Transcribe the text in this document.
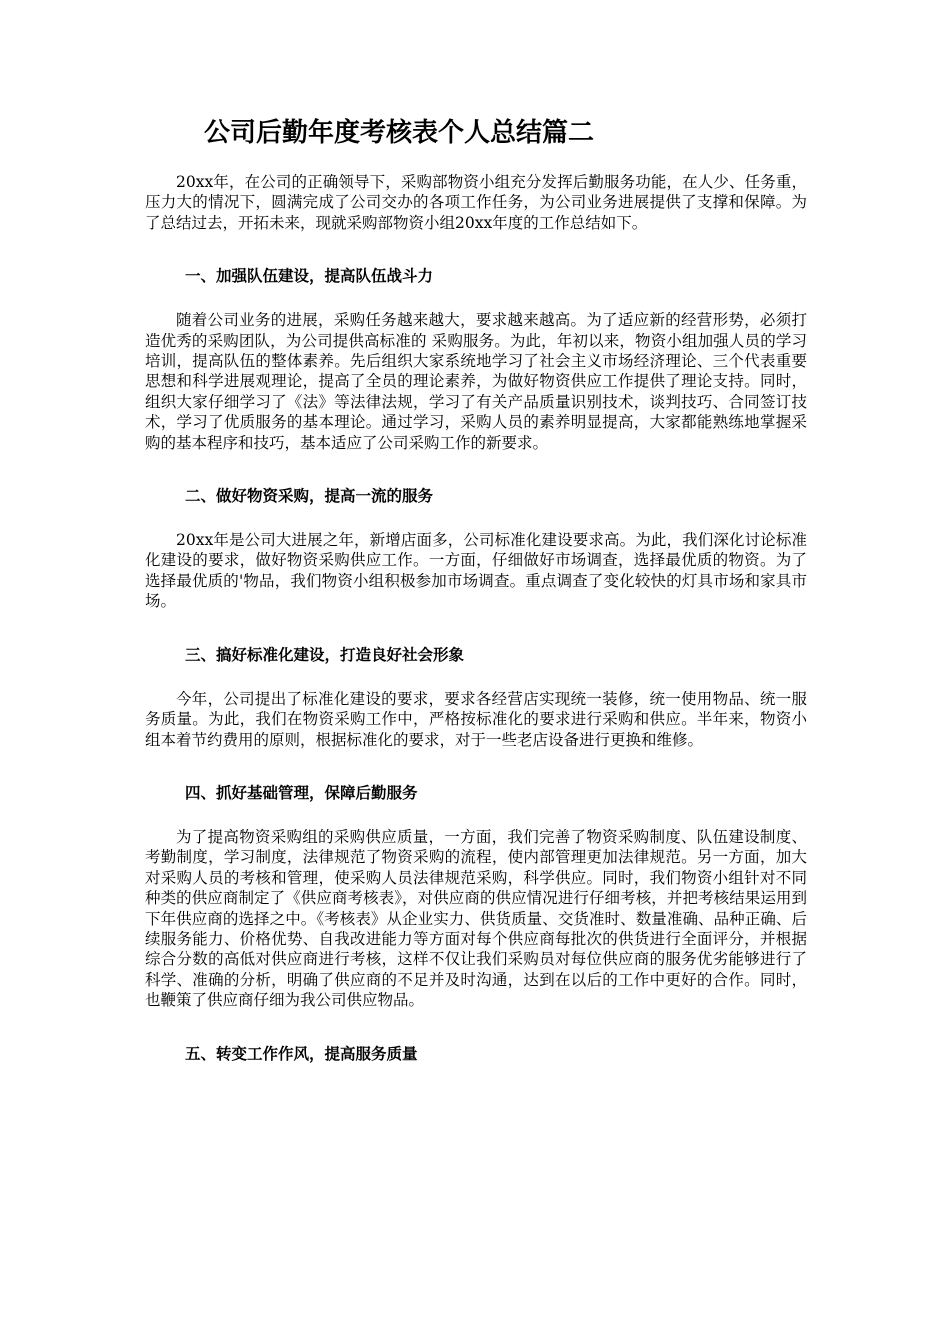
公司后勤年度考核表个人总结篇二

20xx年，在公司的正确领导下，采购部物资小组充分发挥后勤服务功能，在人少、任务重，压力大的情况下，圆满完成了公司交办的各项工作任务，为公司业务进展提供了支撑和保障。为了总结过去，开拓未来，现就采购部物资小组20xx年度的工作总结如下。

一、加强队伍建设，提高队伍战斗力

随着公司业务的进展，采购任务越来越大，要求越来越高。为了适应新的经营形势，必须打造优秀的采购团队，为公司提供高标准的 采购服务。为此，年初以来，物资小组加强人员的学习培训，提高队伍的整体素养。先后组织大家系统地学习了社会主义市场经济理论、三个代表重要思想和科学进展观理论，提高了全员的理论素养，为做好物资供应工作提供了理论支持。同时，组织大家仔细学习了《法》等法律法规，学习了有关产品质量识别技术，谈判技巧、合同签订技术，学习了优质服务的基本理论。通过学习，采购人员的素养明显提高，大家都能熟练地掌握采购的基本程序和技巧，基本适应了公司采购工作的新要求。

二、做好物资采购，提高一流的服务

20xx年是公司大进展之年，新增店面多，公司标准化建设要求高。为此，我们深化讨论标准化建设的要求，做好物资采购供应工作。一方面，仔细做好市场调查，选择最优质的物资。为了选择最优质的'物品，我们物资小组积极参加市场调查。重点调查了变化较快的灯具市场和家具市场。

三、搞好标准化建设，打造良好社会形象

今年，公司提出了标准化建设的要求，要求各经营店实现统一装修，统一使用物品、统一服务质量。为此，我们在物资采购工作中，严格按标准化的要求进行采购和供应。半年来，物资小组本着节约费用的原则，根据标准化的要求，对于一些老店设备进行更换和维修。

四、抓好基础管理，保障后勤服务

为了提高物资采购组的采购供应质量，一方面，我们完善了物资采购制度、队伍建设制度、考勤制度，学习制度，法律规范了物资采购的流程，使内部管理更加法律规范。另一方面，加大对采购人员的考核和管理，使采购人员法律规范采购，科学供应。同时，我们物资小组针对不同种类的供应商制定了《供应商考核表》，对供应商的供应情况进行仔细考核，并把考核结果运用到下年供应商的选择之中。《考核表》从企业实力、供货质量、交货准时、数量准确、品种正确、后续服务能力、价格优势、自我改进能力等方面对每个供应商每批次的供货进行全面评分，并根据综合分数的高低对供应商进行考核，这样不仅让我们采购员对每位供应商的服务优劣能够进行了科学、准确的分析，明确了供应商的不足并及时沟通，达到在以后的工作中更好的合作。同时，也鞭策了供应商仔细为我公司供应物品。

五、转变工作作风，提高服务质量
